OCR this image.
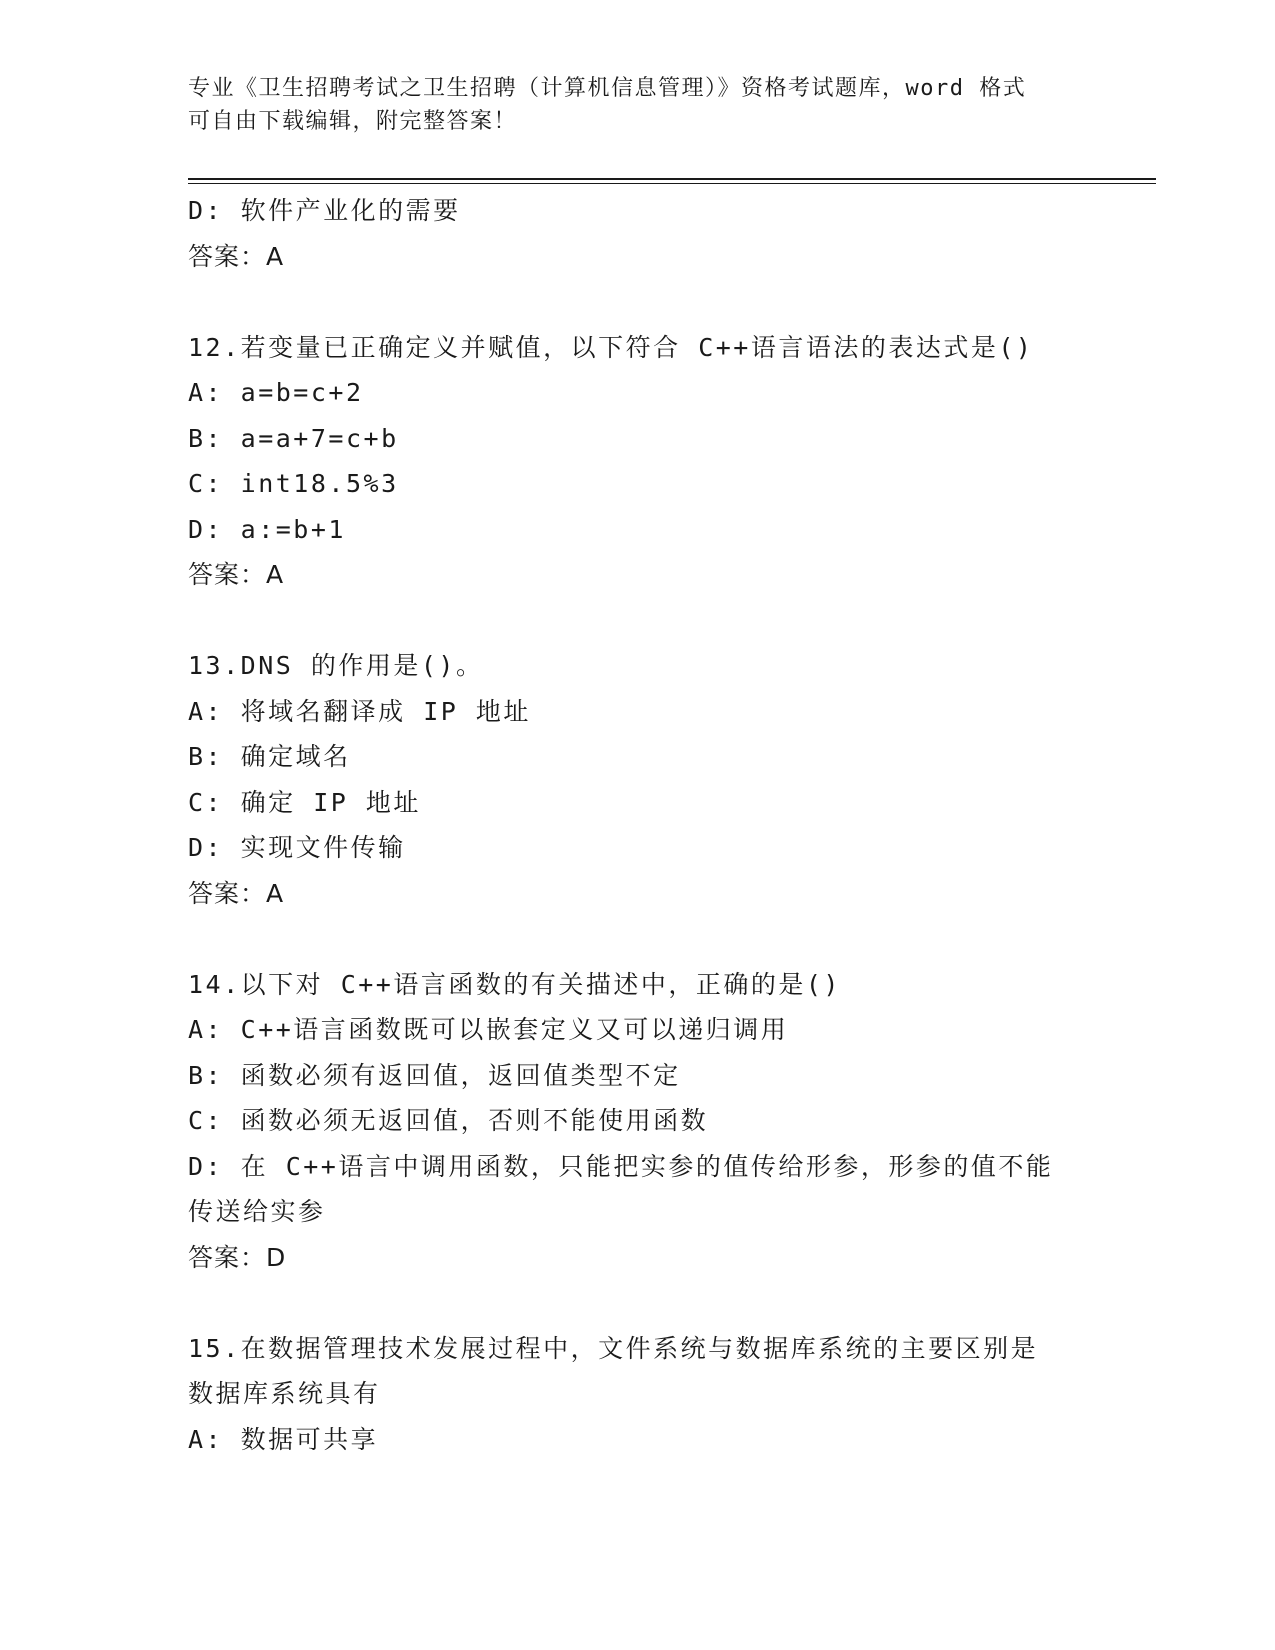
专业《卫生招聘考试之卫生招聘（计算机信息管理）》资格考试题库，word 格式
可自由下载编辑，附完整答案！
D: 软件产业化的需要
答案：A
12.若变量已正确定义并赋值，以下符合 C++语言语法的表达式是()
A: a=b=c+2
B: a=a+7=c+b
C: int18.5%3
D: a:=b+1
答案：A
13.DNS 的作用是()。
A: 将域名翻译成 IP 地址
B: 确定域名
C: 确定 IP 地址
D: 实现文件传输
答案：A
14.以下对 C++语言函数的有关描述中，正确的是()
A: C++语言函数既可以嵌套定义又可以递归调用
B: 函数必须有返回值，返回值类型不定
C: 函数必须无返回值，否则不能使用函数
D: 在 C++语言中调用函数，只能把实参的值传给形参，形参的值不能
传送给实参
答案：D
15.在数据管理技术发展过程中，文件系统与数据库系统的主要区别是
数据库系统具有
A: 数据可共享
